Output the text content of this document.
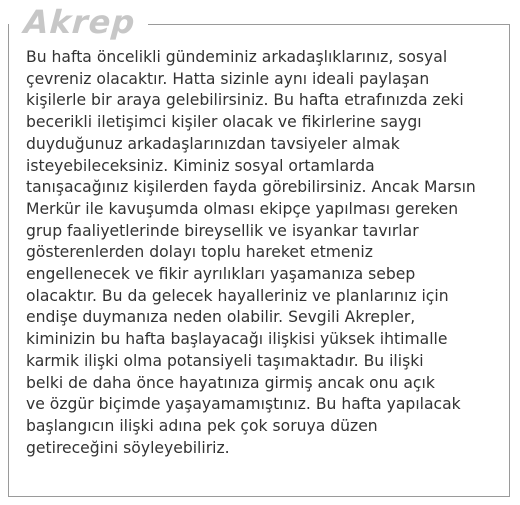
Akrep
Bu hafta öncelikli gündeminiz arkadaşlıklarınız, sosyal
çevreniz olacaktır. Hatta sizinle aynı ideali paylaşan
kişilerle bir araya gelebilirsiniz. Bu hafta etrafınızda zeki
becerikli iletişimci kişiler olacak ve fikirlerine saygı
duyduğunuz arkadaşlarınızdan tavsiyeler almak
isteyebileceksiniz. Kiminiz sosyal ortamlarda
tanışacağınız kişilerden fayda görebilirsiniz. Ancak Marsın
Merkür ile kavuşumda olması ekipçe yapılması gereken
grup faaliyetlerinde bireysellik ve isyankar tavırlar
gösterenlerden dolayı toplu hareket etmeniz
engellenecek ve fikir ayrılıkları yaşamanıza sebep
olacaktır. Bu da gelecek hayalleriniz ve planlarınız için
endişe duymanıza neden olabilir. Sevgili Akrepler,
kiminizin bu hafta başlayacağı ilişkisi yüksek ihtimalle
karmik ilişki olma potansiyeli taşımaktadır. Bu ilişki
belki de daha önce hayatınıza girmiş ancak onu açık
ve özgür biçimde yaşayamamıştınız. Bu hafta yapılacak
başlangıcın ilişki adına pek çok soruya düzen
getireceğini söyleyebiliriz.
